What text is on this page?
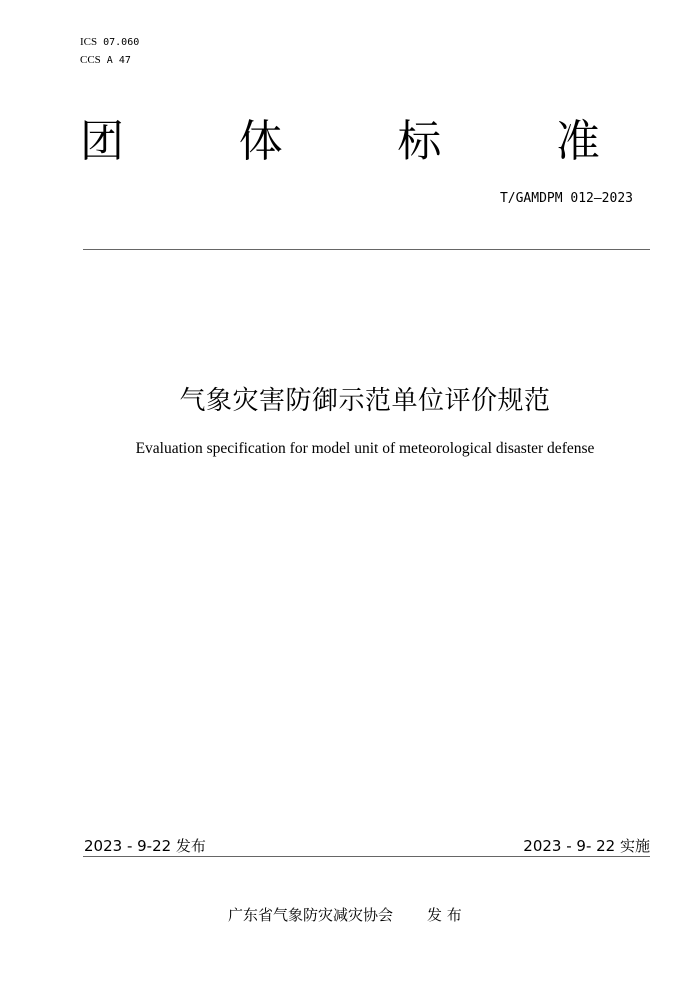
ICS 07.060
CCS A 47
团	体	标	准
T/GAMDPM 012—2023
气象灾害防御示范单位评价规范
Evaluation specification for model unit of meteorological disaster defense
2023 - 9-22 发布	2023 - 9- 22 实施
广东省气象防灾减灾协会 发 布
